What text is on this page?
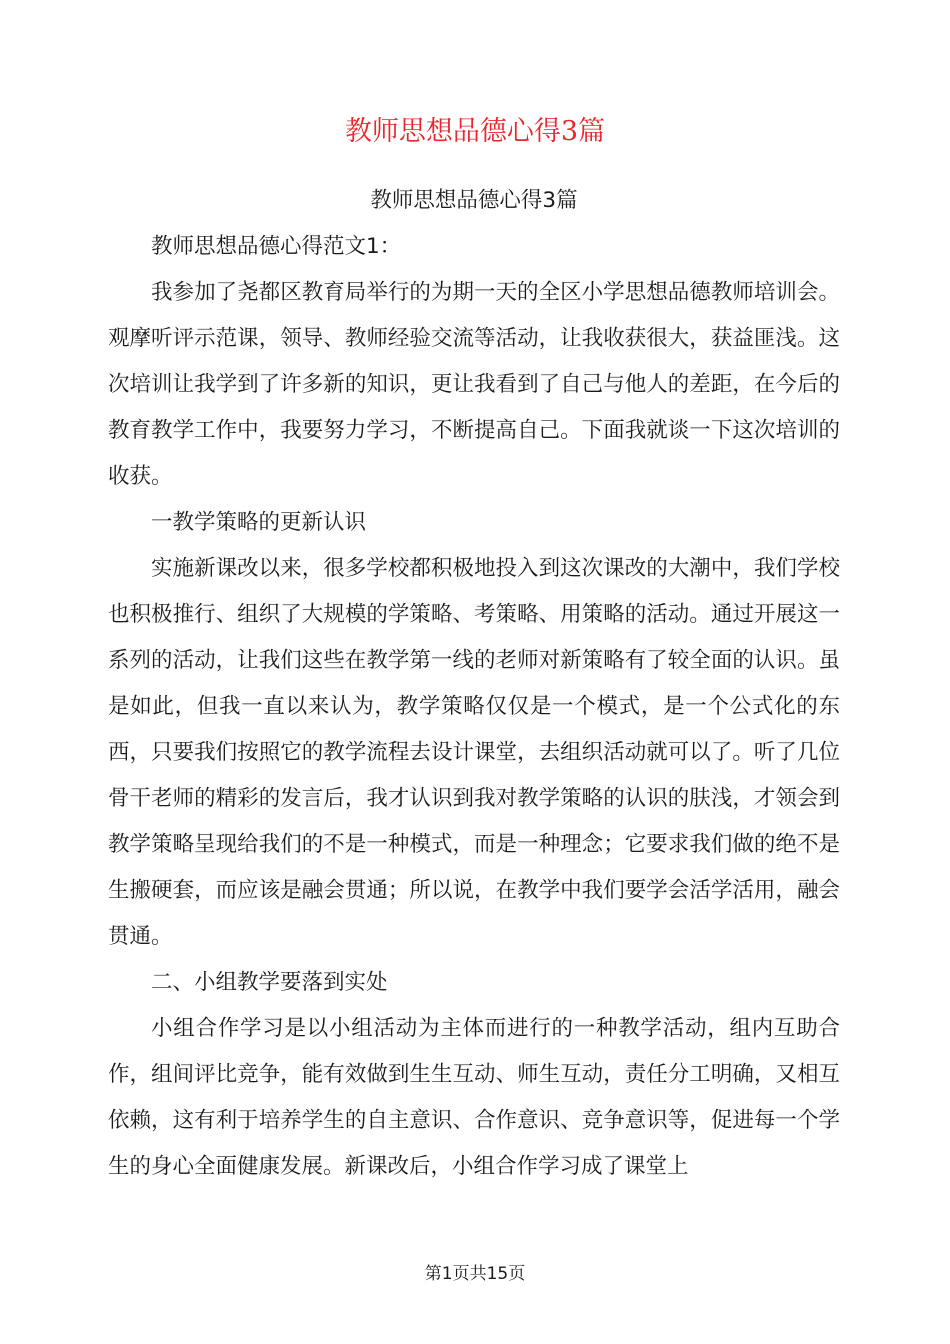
教师思想品德心得3篇

教师思想品德心得3篇

教师思想品德心得范文1：

我参加了尧都区教育局举行的为期一天的全区小学思想品德教师培训会。观摩听评示范课，领导、教师经验交流等活动，让我收获很大，获益匪浅。这次培训让我学到了许多新的知识，更让我看到了自己与他人的差距，在今后的教育教学工作中，我要努力学习，不断提高自己。下面我就谈一下这次培训的收获。

一教学策略的更新认识

实施新课改以来，很多学校都积极地投入到这次课改的大潮中，我们学校也积极推行、组织了大规模的学策略、考策略、用策略的活动。通过开展这一系列的活动，让我们这些在教学第一线的老师对新策略有了较全面的认识。虽是如此，但我一直以来认为，教学策略仅仅是一个模式，是一个公式化的东西，只要我们按照它的教学流程去设计课堂，去组织活动就可以了。听了几位骨干老师的精彩的发言后，我才认识到我对教学策略的认识的肤浅，才领会到教学策略呈现给我们的不是一种模式，而是一种理念；它要求我们做的绝不是生搬硬套，而应该是融会贯通；所以说，在教学中我们要学会活学活用，融会贯通。

二、小组教学要落到实处

小组合作学习是以小组活动为主体而进行的一种教学活动，组内互助合作，组间评比竞争，能有效做到生生互动、师生互动，责任分工明确，又相互依赖，这有利于培养学生的自主意识、合作意识、竞争意识等，促进每一个学生的身心全面健康发展。新课改后，小组合作学习成了课堂上

第1页共15页
